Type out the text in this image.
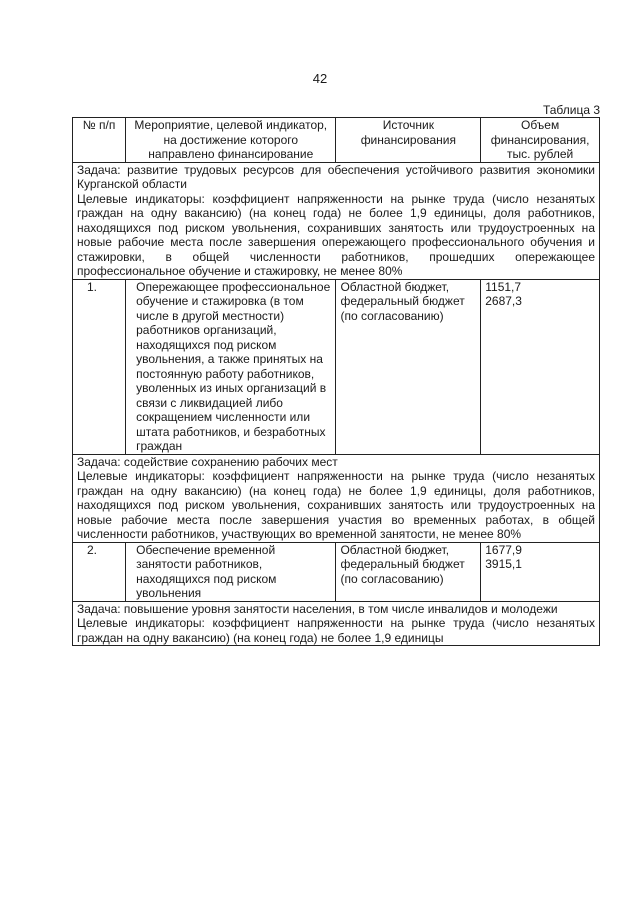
42
Таблица 3
№ п/п	Мероприятие, целевой индикатор, на достижение которого направлено финансирование	Источник финансирования	Объем финансирования, тыс. рублей

Задача: развитие трудовых ресурсов для обеспечения устойчивого развития экономики Курганской области
Целевые индикаторы: коэффициент напряженности на рынке труда (число незанятых граждан на одну вакансию) (на конец года) не более 1,9 единицы, доля работников, находящихся под риском увольнения, сохранивших занятость или трудоустроенных на новые рабочие места после завершения опережающего профессионального обучения и стажировки, в общей численности работников, прошедших опережающее профессиональное обучение и стажировку, не менее 80%			

1.	Опережающее профессиональное обучение и стажировка (в том числе в другой местности) работников организаций, находящихся под риском увольнения, а также принятых на постоянную работу работников, уволенных из иных организаций в связи с ликвидацией либо сокращением численности или штата работников, и безработных граждан	Областной бюджет, федеральный бюджет (по согласованию)	1151,7
2687,3

Задача: содействие сохранению рабочих мест
Целевые индикаторы: коэффициент напряженности на рынке труда (число незанятых граждан на одну вакансию) (на конец года) не более 1,9 единицы, доля работников, находящихся под риском увольнения, сохранивших занятость или трудоустроенных на новые рабочие места после завершения участия во временных работах, в общей численности работников, участвующих во временной занятости, не менее 80%			

2.	Обеспечение временной занятости работников, находящихся под риском увольнения	Областной бюджет, федеральный бюджет (по согласованию)	1677,9
3915,1

Задача: повышение уровня занятости населения, в том числе инвалидов и молодежи
Целевые индикаторы: коэффициент напряженности на рынке труда (число незанятых граждан на одну вакансию) (на конец года) не более 1,9 единицы			
